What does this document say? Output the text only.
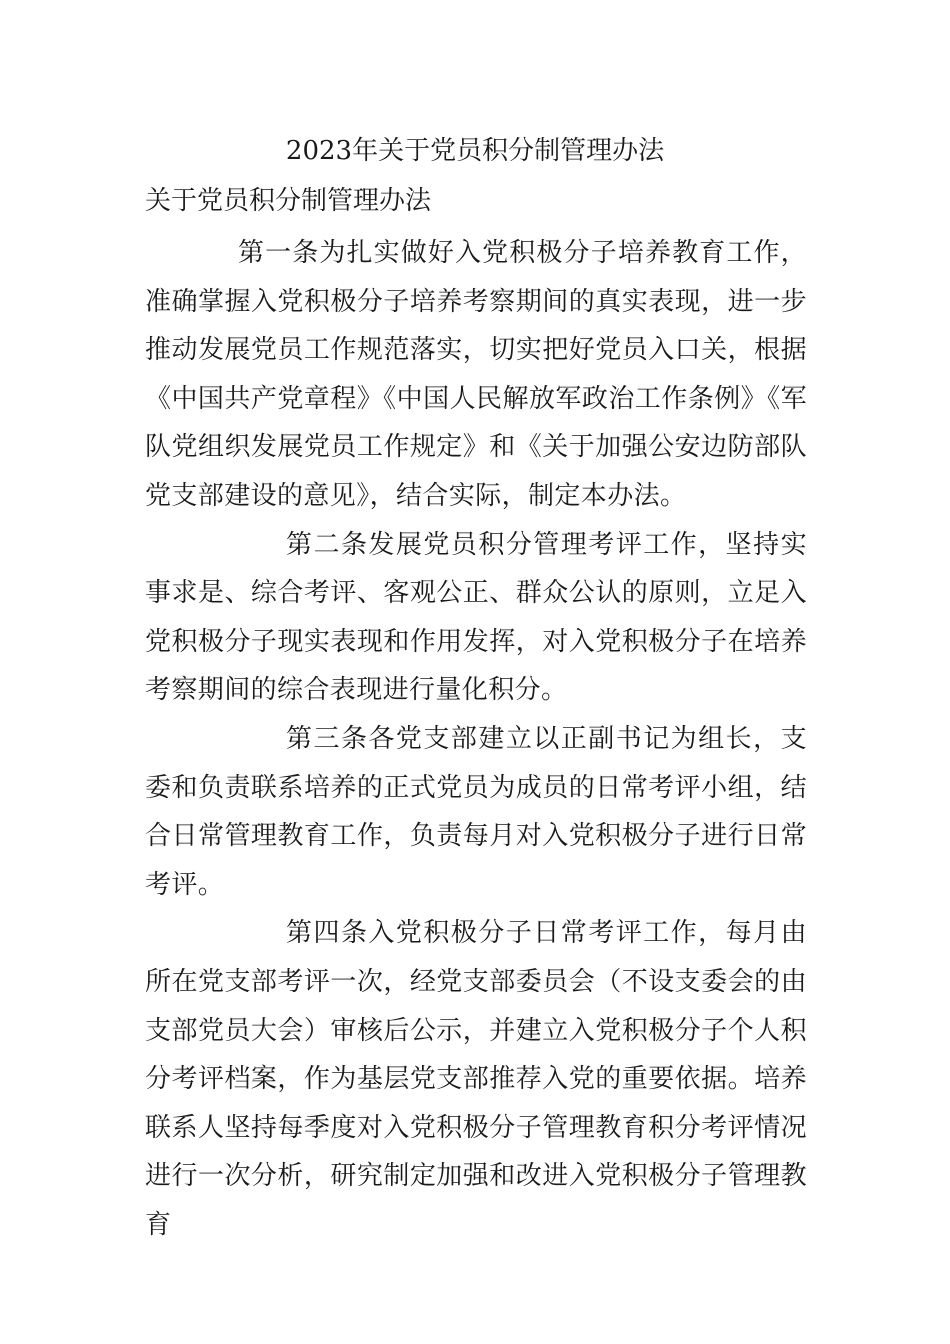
2023年关于党员积分制管理办法
关于党员积分制管理办法

第一条为扎实做好入党积极分子培养教育工作，准确掌握入党积极分子培养考察期间的真实表现，进一步推动发展党员工作规范落实，切实把好党员入口关，根据《中国共产党章程》《中国人民解放军政治工作条例》《军队党组织发展党员工作规定》和《关于加强公安边防部队党支部建设的意见》，结合实际，制定本办法。

第二条发展党员积分管理考评工作，坚持实事求是、综合考评、客观公正、群众公认的原则，立足入党积极分子现实表现和作用发挥，对入党积极分子在培养考察期间的综合表现进行量化积分。

第三条各党支部建立以正副书记为组长，支委和负责联系培养的正式党员为成员的日常考评小组，结合日常管理教育工作，负责每月对入党积极分子进行日常考评。

第四条入党积极分子日常考评工作，每月由所在党支部考评一次，经党支部委员会（不设支委会的由支部党员大会）审核后公示，并建立入党积极分子个人积分考评档案，作为基层党支部推荐入党的重要依据。培养联系人坚持每季度对入党积极分子管理教育积分考评情况进行一次分析，研究制定加强和改进入党积极分子管理教育
